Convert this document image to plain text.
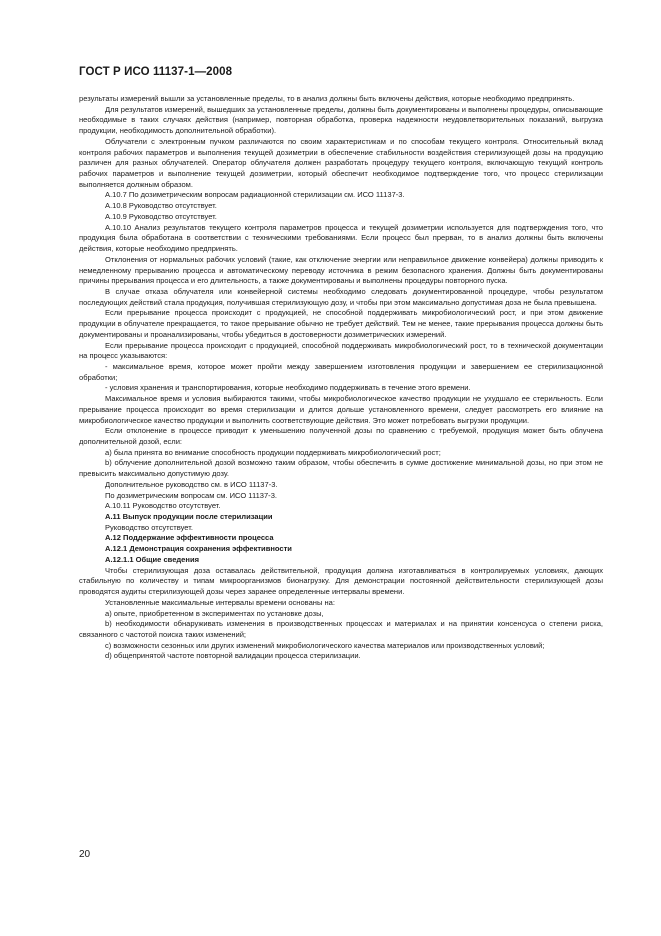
ГОСТ Р ИСО 11137-1—2008

результаты измерений вышли за установленные пределы, то в анализ должны быть включены действия, которые необходимо предпринять.

Для результатов измерений, вышедших за установленные пределы, должны быть документированы и выполнены процедуры, описывающие необходимые в таких случаях действия (например, повторная обработка, проверка надежности неудовлетворительных показаний, выгрузка продукции, необходимость дополнительной обработки).

Облучатели с электронным пучком различаются по своим характеристикам и по способам текущего контроля. Относительный вклад контроля рабочих параметров и выполнения текущей дозиметрии в обеспечение стабильности воздействия стерилизующей дозы на продукцию различен для разных облучателей. Оператор облучателя должен разработать процедуру текущего контроля, включающую текущий контроль рабочих параметров и выполнение текущей дозиметрии, который обеспечит необходимое подтверждение того, что процесс стерилизации выполняется должным образом.

А.10.7 По дозиметрическим вопросам радиационной стерилизации см. ИСО 11137-3.

А.10.8 Руководство отсутствует.

А.10.9 Руководство отсутствует.

А.10.10 Анализ результатов текущего контроля параметров процесса и текущей дозиметрии используется для подтверждения того, что продукция была обработана в соответствии с техническими требованиями. Если процесс был прерван, то в анализ должны быть включены действия, которые необходимо предпринять.

Отклонения от нормальных рабочих условий (такие, как отключение энергии или неправильное движение конвейера) должны приводить к немедленному прерыванию процесса и автоматическому переводу источника в режим безопасного хранения. Должны быть документированы причины прерывания процесса и его длительность, а также документированы и выполнены процедуры повторного пуска.

В случае отказа облучателя или конвейерной системы необходимо следовать документированной процедуре, чтобы результатом последующих действий стала продукция, получившая стерилизующую дозу, и чтобы при этом максимально допустимая доза не была превышена.

Если прерывание процесса происходит с продукцией, не способной поддерживать микробиологический рост, и при этом движение продукции в облучателе прекращается, то такое прерывание обычно не требует действий. Тем не менее, такие прерывания процесса должны быть документированы и проанализированы, чтобы убедиться в достоверности дозиметрических измерений.

Если прерывание процесса происходит с продукцией, способной поддерживать микробиологический рост, то в технической документации на процесс указываются:

- максимальное время, которое может пройти между завершением изготовления продукции и завершением ее стерилизационной обработки;

- условия хранения и транспортирования, которые необходимо поддерживать в течение этого времени.

Максимальное время и условия выбираются такими, чтобы микробиологическое качество продукции не ухудшало ее стерильность. Если прерывание процесса происходит во время стерилизации и длится дольше установленного времени, следует рассмотреть его влияние на микробиологическое качество продукции и выполнить соответствующие действия. Это может потребовать выгрузки продукции.

Если отклонение в процессе приводит к уменьшению полученной дозы по сравнению с требуемой, продукция может быть облучена дополнительной дозой, если:

а) была принята во внимание способность продукции поддерживать микробиологический рост;

b) облучение дополнительной дозой возможно таким образом, чтобы обеспечить в сумме достижение минимальной дозы, но при этом не превысить максимально допустимую дозу.

Дополнительное руководство см. в ИСО 11137-3.

По дозиметрическим вопросам см. ИСО 11137-3.

А.10.11 Руководство отсутствует.

А.11 Выпуск продукции после стерилизации

Руководство отсутствует.

А.12 Поддержание эффективности процесса

А.12.1 Демонстрация сохранения эффективности

А.12.1.1 Общие сведения

Чтобы стерилизующая доза оставалась действительной, продукция должна изготавливаться в контролируемых условиях, дающих стабильную по количеству и типам микроорганизмов бионагрузку. Для демонстрации постоянной действительности стерилизующей дозы проводятся аудиты стерилизующей дозы через заранее определенные интервалы времени.

Установленные максимальные интервалы времени основаны на:

а) опыте, приобретенном в экспериментах по установке дозы,

b) необходимости обнаруживать изменения в производственных процессах и материалах и на принятии консенсуса о степени риска, связанного с частотой поиска таких изменений;

с) возможности сезонных или других изменений микробиологического качества материалов или производственных условий;

d) общепринятой частоте повторной валидации процесса стерилизации.

20
